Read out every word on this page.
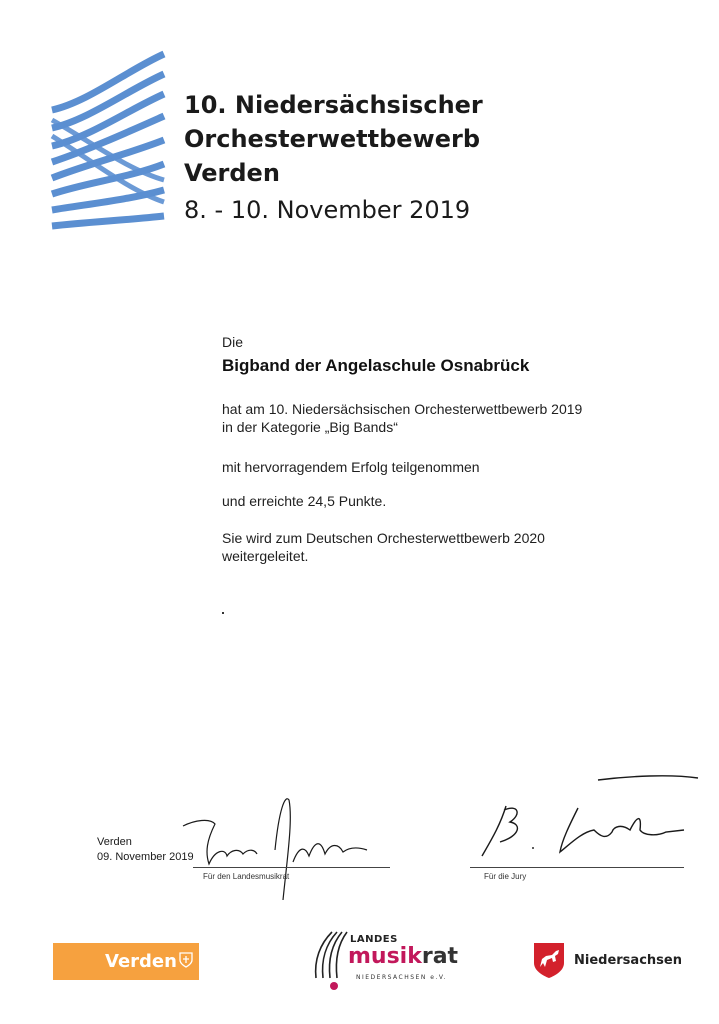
10. Niedersächsischer
Orchesterwettbewerb
Verden
8. - 10. November 2019
Die
Bigband der Angelaschule Osnabrück
hat am 10. Niedersächsischen Orchesterwettbewerb 2019
in der Kategorie „Big Bands“
mit hervorragendem Erfolg teilgenommen
und erreichte 24,5 Punkte.
Sie wird zum Deutschen Orchesterwettbewerb 2020
weitergeleitet.
Verden
09. November 2019
Für den Landesmusikrat	Für die Jury
Verden
LANDES
musikrat
NIEDERSACHSEN e.V.
Niedersachsen
